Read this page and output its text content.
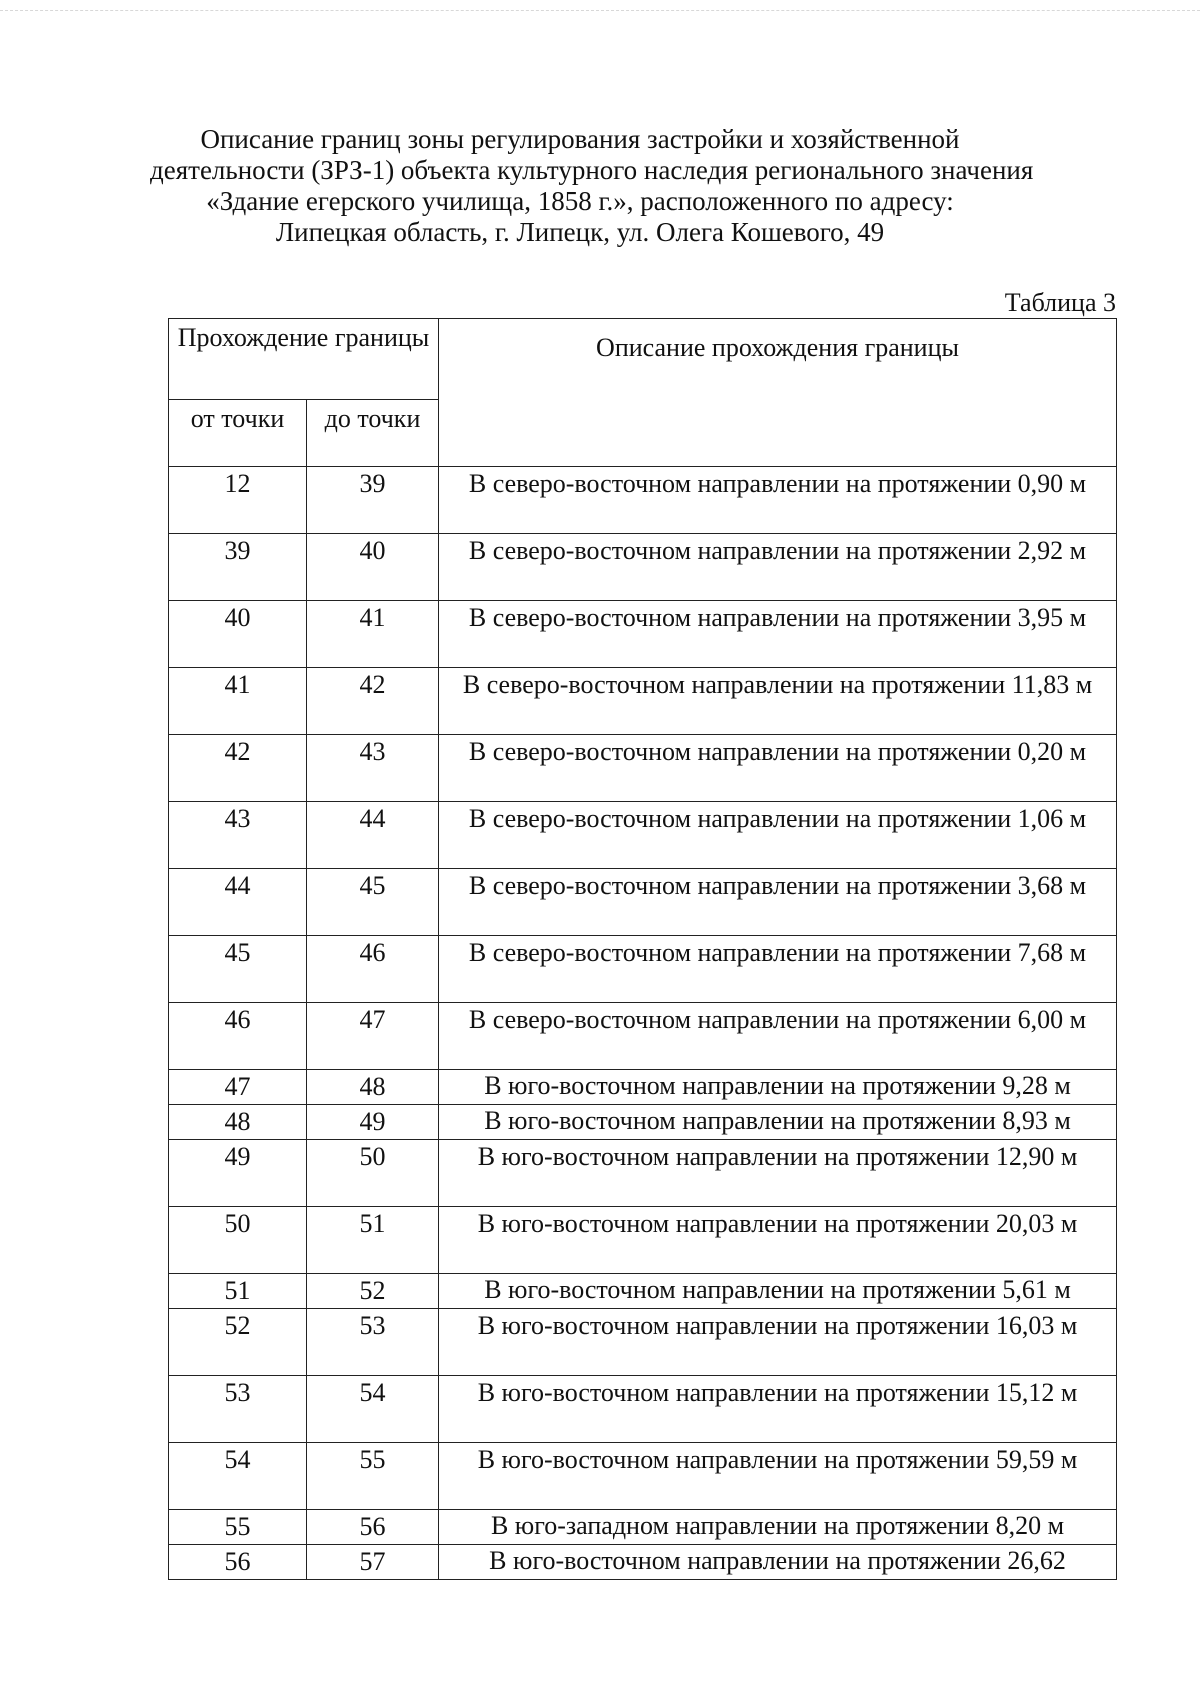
Описание границ зоны регулирования застройки и хозяйственной
деятельности (ЗРЗ-1) объекта культурного наследия регионального значения
«Здание егерского училища, 1858 г.», расположенного по адресу:
Липецкая область, г. Липецк, ул. Олега Кошевого, 49
Таблица 3
Прохождение границы		Описание прохождения границы
от точки	до точки	
12	39	В северо-восточном направлении на протяжении 0,90 м
39	40	В северо-восточном направлении на протяжении 2,92 м
40	41	В северо-восточном направлении на протяжении 3,95 м
41	42	В северо-восточном направлении на протяжении 11,83 м
42	43	В северо-восточном направлении на протяжении 0,20 м
43	44	В северо-восточном направлении на протяжении 1,06 м
44	45	В северо-восточном направлении на протяжении 3,68 м
45	46	В северо-восточном направлении на протяжении 7,68 м
46	47	В северо-восточном направлении на протяжении 6,00 м
47	48	В юго-восточном направлении на протяжении 9,28 м
48	49	В юго-восточном направлении на протяжении 8,93 м
49	50	В юго-восточном направлении на протяжении 12,90 м
50	51	В юго-восточном направлении на протяжении 20,03 м
51	52	В юго-восточном направлении на протяжении 5,61 м
52	53	В юго-восточном направлении на протяжении 16,03 м
53	54	В юго-восточном направлении на протяжении 15,12 м
54	55	В юго-восточном направлении на протяжении 59,59 м
55	56	В юго-западном направлении на протяжении 8,20 м
56	57	В юго-восточном направлении на протяжении 26,62
